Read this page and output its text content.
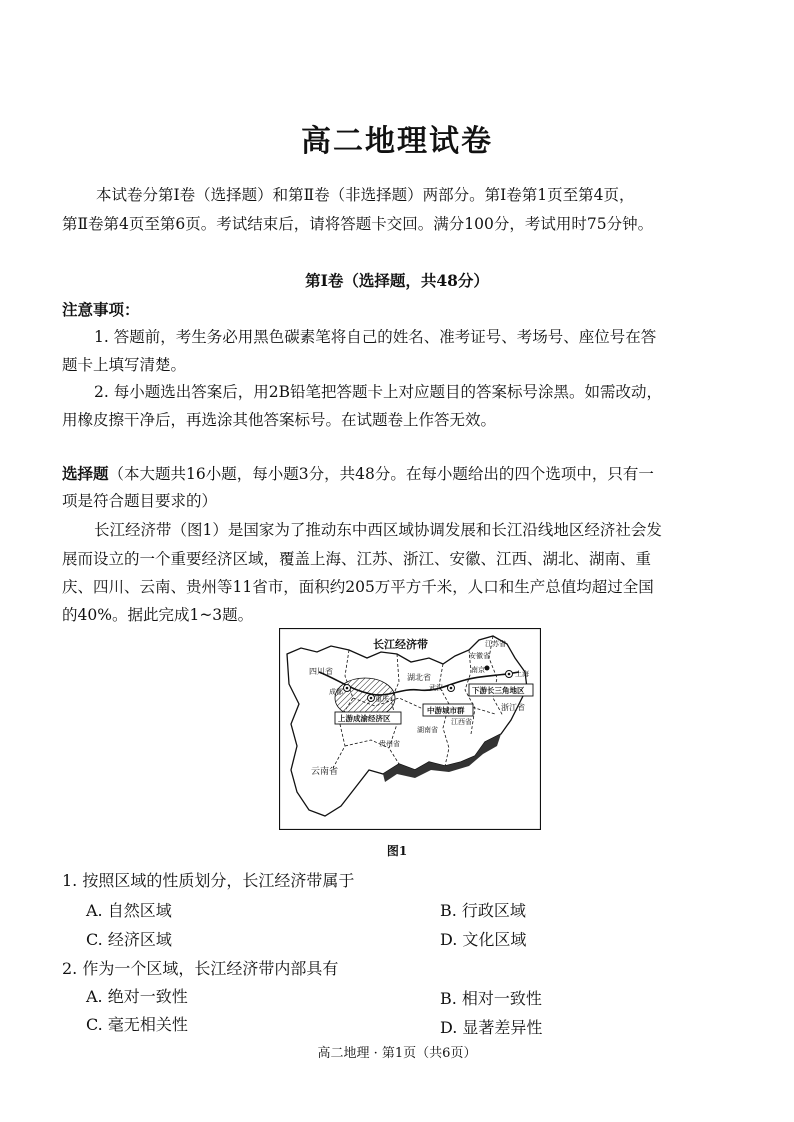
高二地理试卷
本试卷分第Ⅰ卷（选择题）和第Ⅱ卷（非选择题）两部分。第Ⅰ卷第1页至第4页，
第Ⅱ卷第4页至第6页。考试结束后，请将答题卡交回。满分100分，考试用时75分钟。
第Ⅰ卷（选择题，共48分）
注意事项：
1. 答题前，考生务必用黑色碳素笔将自己的姓名、准考证号、考场号、座位号在答
题卡上填写清楚。
2. 每小题选出答案后，用2B铅笔把答题卡上对应题目的答案标号涂黑。如需改动，
用橡皮擦干净后，再选涂其他答案标号。在试题卷上作答无效。
选择题（本大题共16小题，每小题3分，共48分。在每小题给出的四个选项中，只有一
项是符合题目要求的）
长江经济带（图1）是国家为了推动东中西区域协调发展和长江沿线地区经济社会发
展而设立的一个重要经济区域，覆盖上海、江苏、浙江、安徽、江西、湖北、湖南、重
庆、四川、云南、贵州等11省市，面积约205万平方千米，人口和生产总值均超过全国
的40%。据此完成1~3题。
长江经济带
四川省
成都
重庆
湖北省
武汉
安徽省
江苏省
南京	上海
浙江省
江西省
湖南省
贵州省
云南省
上游成渝经济区
中游城市群
下游长三角地区
图1
1. 按照区域的性质划分，长江经济带属于
A. 自然区域	B. 行政区域
C. 经济区域	D. 文化区域
2. 作为一个区域，长江经济带内部具有
A. 绝对一致性	B. 相对一致性
C. 毫无相关性	D. 显著差异性
高二地理 · 第1页（共6页）
